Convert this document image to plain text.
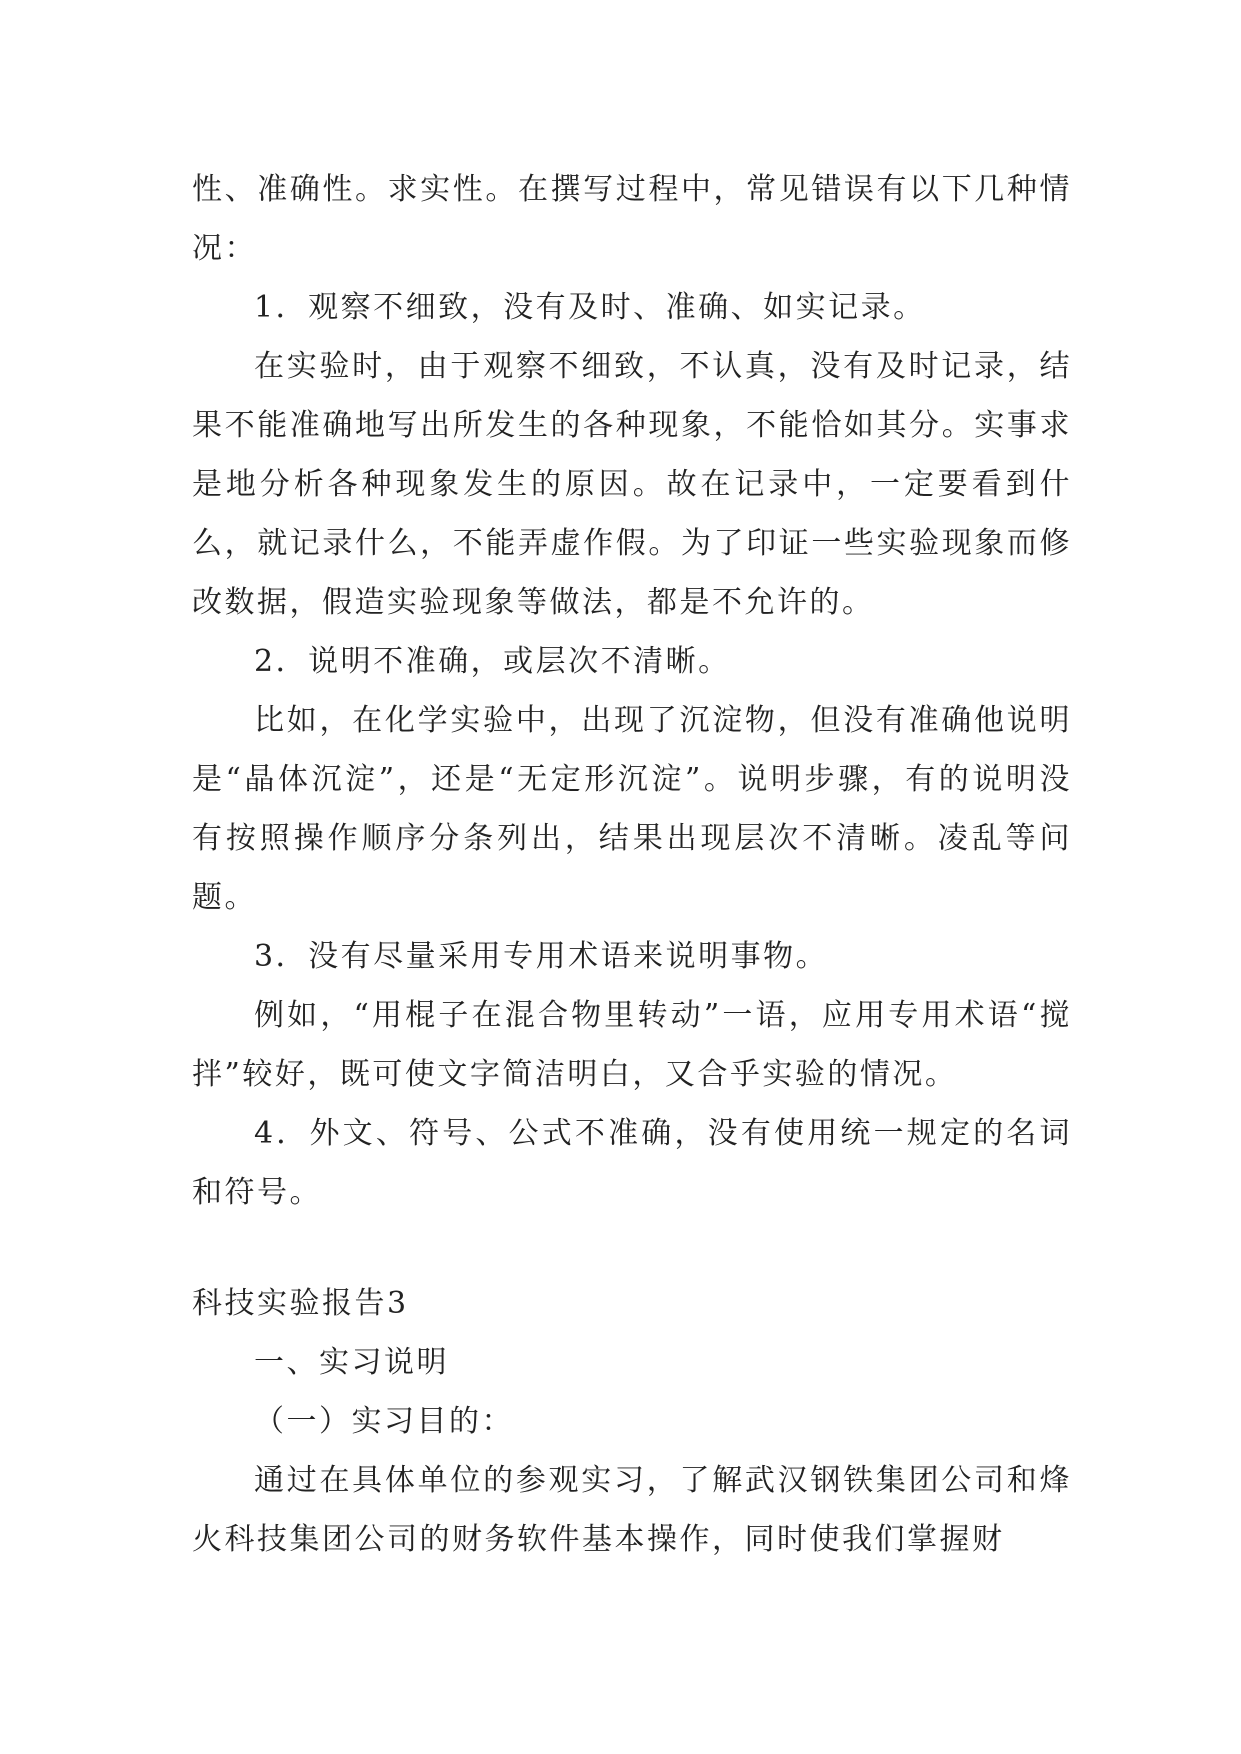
性、准确性。求实性。在撰写过程中，常见错误有以下几种情况：

1．观察不细致，没有及时、准确、如实记录。

在实验时，由于观察不细致，不认真，没有及时记录，结果不能准确地写出所发生的各种现象，不能恰如其分。实事求是地分析各种现象发生的原因。故在记录中，一定要看到什么，就记录什么，不能弄虚作假。为了印证一些实验现象而修改数据，假造实验现象等做法，都是不允许的。

2．说明不准确，或层次不清晰。

比如，在化学实验中，出现了沉淀物，但没有准确他说明是“晶体沉淀”，还是“无定形沉淀”。说明步骤，有的说明没有按照操作顺序分条列出，结果出现层次不清晰。凌乱等问题。

3．没有尽量采用专用术语来说明事物。

例如，“用棍子在混合物里转动”一语，应用专用术语“搅拌”较好，既可使文字简洁明白，又合乎实验的情况。

4．外文、符号、公式不准确，没有使用统一规定的名词和符号。

科技实验报告3

一、实习说明

（一）实习目的：

通过在具体单位的参观实习，了解武汉钢铁集团公司和烽火科技集团公司的财务软件基本操作，同时使我们掌握财
